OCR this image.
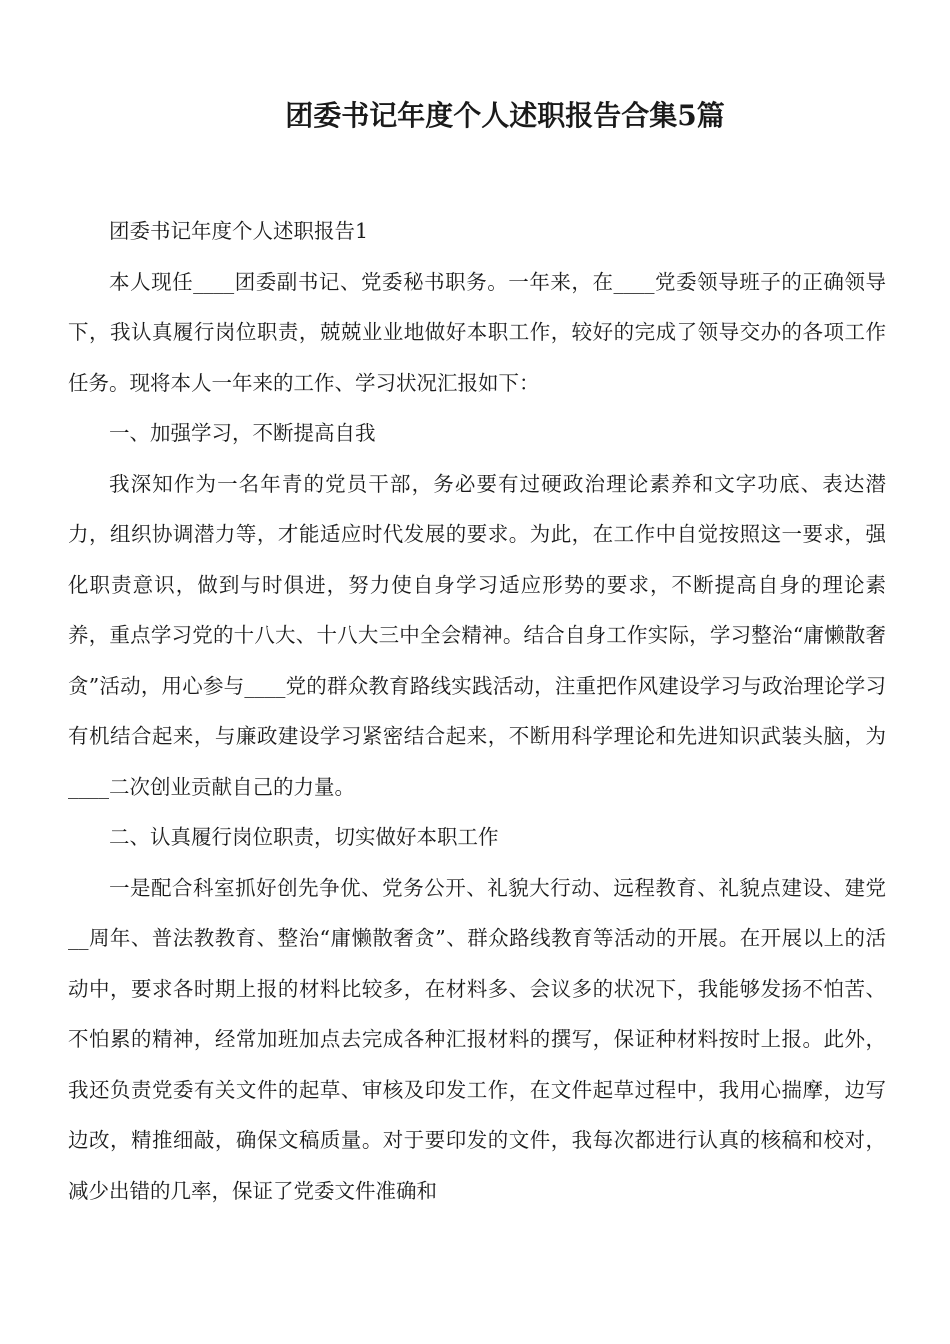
团委书记年度个人述职报告合集5篇

团委书记年度个人述职报告1

本人现任____团委副书记、党委秘书职务。一年来，在____党委领导班子的正确领导下，我认真履行岗位职责，兢兢业业地做好本职工作，较好的完成了领导交办的各项工作任务。现将本人一年来的工作、学习状况汇报如下：

一、加强学习，不断提高自我

我深知作为一名年青的党员干部，务必要有过硬政治理论素养和文字功底、表达潜力，组织协调潜力等，才能适应时代发展的要求。为此，在工作中自觉按照这一要求，强化职责意识，做到与时俱进，努力使自身学习适应形势的要求，不断提高自身的理论素养，重点学习党的十八大、十八大三中全会精神。结合自身工作实际，学习整治“庸懒散奢贪”活动，用心参与____党的群众教育路线实践活动，注重把作风建设学习与政治理论学习有机结合起来，与廉政建设学习紧密结合起来，不断用科学理论和先进知识武装头脑，为____二次创业贡献自己的力量。

二、认真履行岗位职责，切实做好本职工作

一是配合科室抓好创先争优、党务公开、礼貌大行动、远程教育、礼貌点建设、建党__周年、普法教教育、整治“庸懒散奢贪”、群众路线教育等活动的开展。在开展以上的活动中，要求各时期上报的材料比较多，在材料多、会议多的状况下，我能够发扬不怕苦、不怕累的精神，经常加班加点去完成各种汇报材料的撰写，保证种材料按时上报。此外，我还负责党委有关文件的起草、审核及印发工作，在文件起草过程中，我用心揣摩，边写边改，精推细敲，确保文稿质量。对于要印发的文件，我每次都进行认真的核稿和校对，减少出错的几率，保证了党委文件准确和
